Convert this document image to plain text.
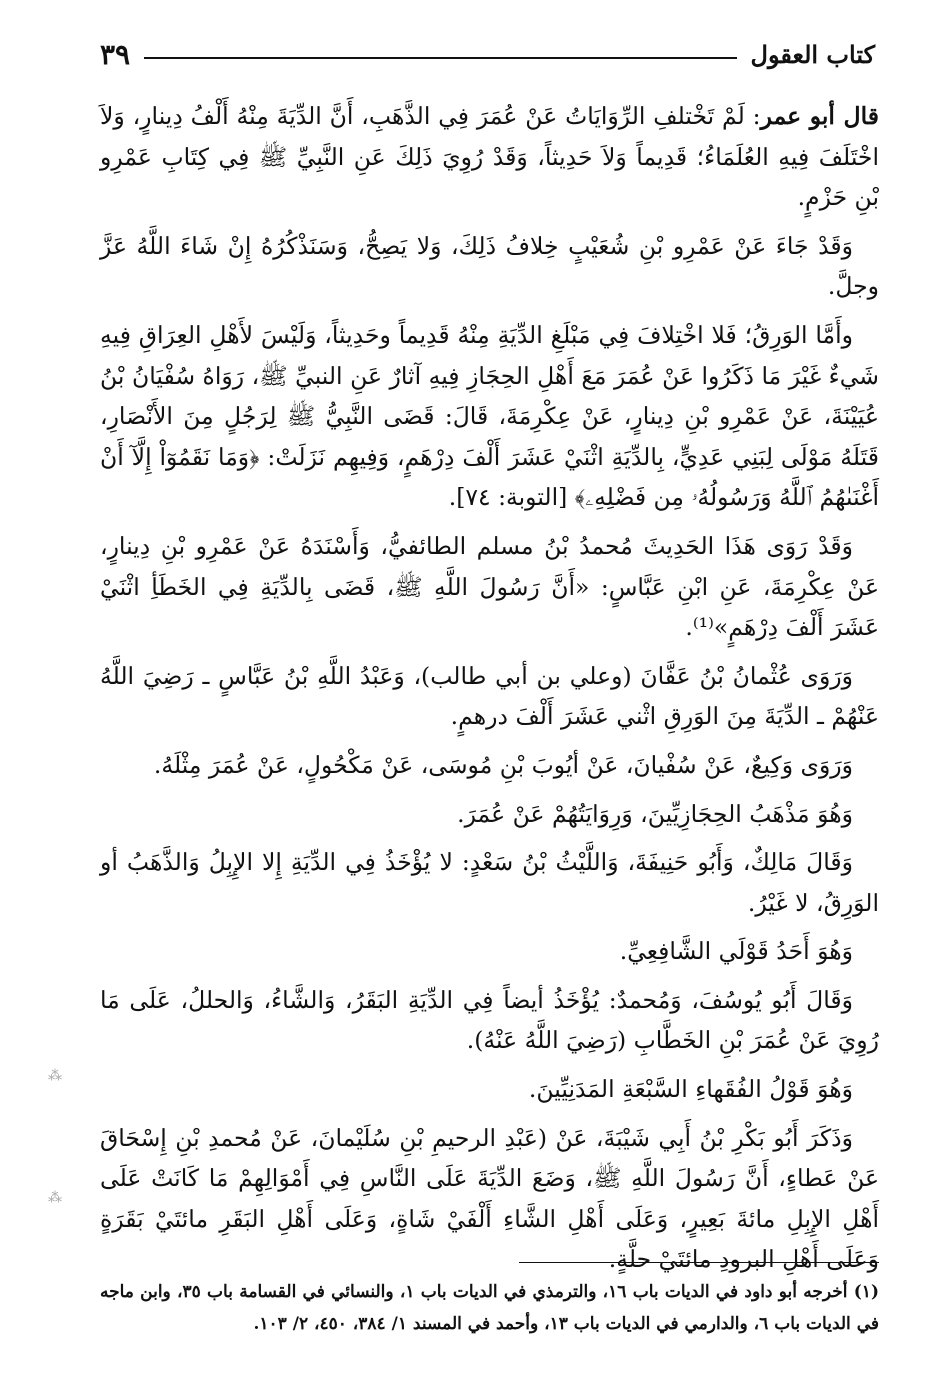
كتاب العقول
٣٩

قال أبو عمر: لَمْ تَخْتلفِ الرِّوَايَاتُ عَنْ عُمَرَ فِي الذَّهَبِ، أَنَّ الدِّيَةَ مِنْهُ أَلْفُ دِينارٍ، وَلاَ اخْتَلَفَ فِيهِ العُلَمَاءُ؛ قَدِيماً وَلاَ حَدِيثاً، وَقَدْ رُوِيَ ذَلِكَ عَنِ النَّبِيِّ ﷺ فِي كِتَابِ عَمْرِو بْنِ حَزْمٍ.

وَقَدْ جَاءَ عَنْ عَمْرِو بْنِ شُعَيْبٍ خِلافُ ذَلِكَ، وَلا يَصِحُّ، وَسَنَذْكُرُهُ إِنْ شَاءَ اللَّهُ عَزَّ وجلَّ.

وأَمَّا الوَرِقُ؛ فَلا اخْتِلافَ فِي مَبْلَغِ الدِّيَةِ مِنْهُ قَدِيماً وحَدِيثاً، وَلَيْسَ لأَهْلِ العِرَاقِ فِيهِ شَيءٌ غَيْرَ مَا ذَكَرُوا عَنْ عُمَرَ مَعَ أَهْلِ الحِجَازِ فِيهِ آثارٌ عَنِ النبيِّ ﷺ، رَوَاهُ سُفْيَانُ بْنُ عُيَيْنَةَ، عَنْ عَمْرِو بْنِ دِينارٍ، عَنْ عِكْرِمَةَ، قَالَ: قَضَى النَّبِيُّ ﷺ لِرَجُلٍ مِنَ الأَنْصَارِ، قَتَلَهُ مَوْلَى لِبَنِي عَدِيٍّ، بِالدِّيَةِ اثْنَيْ عَشَرَ أَلْفَ دِرْهَمٍ، وَفِيهِم نَزَلَتْ: ﴿وَمَا نَقَمُوٓاْ إِلَّآ أَنْ أَغْنَىٰهُمُ ٱللَّهُ وَرَسُولُهُۥ مِن فَضْلِهِۦ﴾ [التوبة: ٧٤].

وَقَدْ رَوَى هَذَا الحَدِيثَ مُحمدُ بْنُ مسلم الطائفيُّ، وَأَسْنَدَهُ عَنْ عَمْرِو بْنِ دِينارٍ، عَنْ عِكْرِمَةَ، عَنِ ابْنِ عَبَّاسٍ: «أَنَّ رَسُولَ اللَّهِ ﷺ، قَضَى بِالدِّيَةِ فِي الخَطَأِ اثْنَيْ عَشَرَ أَلْفَ دِرْهَمٍ»⁽¹⁾.

وَرَوَى عُثْمانُ بْنُ عَفَّانَ (وعلي بن أبي طالب)، وَعَبْدُ اللَّهِ بْنُ عَبَّاسٍ ـ رَضِيَ اللَّهُ عَنْهُمْ ـ الدِّيَةَ مِنَ الوَرِقِ اثْني عَشَرَ أَلْفَ درهمٍ.

وَرَوَى وَكِيعٌ، عَنْ سُفْيانَ، عَنْ أيُوبَ بْنِ مُوسَى، عَنْ مَكْحُولٍ، عَنْ عُمَرَ مِثْلَهُ.

وَهُوَ مَذْهَبُ الحِجَازِيِّينَ، وَرِوَايَتُهُمْ عَنْ عُمَرَ.

وَقَالَ مَالِكٌ، وَأَبُو حَنِيفَةَ، وَاللَّيْثُ بْنُ سَعْدٍ: لا يُؤْخَذُ فِي الدِّيَةِ إِلا الإِبِلُ وَالذَّهَبُ أو الوَرِقُ، لا غَيْرُ.

وَهُوَ أَحَدُ قَوْلَي الشَّافِعِيِّ.

وَقَالَ أَبُو يُوسُفَ، وَمُحمدٌ: يُؤْخَذُ أيضاً فِي الدِّيَةِ البَقَرُ، وَالشَّاءُ، وَالحللُ، عَلَى مَا رُوِيَ عَنْ عُمَرَ بْنِ الخَطَّابِ (رَضِيَ اللَّهُ عَنْهُ).

وَهُوَ قَوْلُ الفُقَهاءِ السَّبْعَةِ المَدَنِيِّينَ.

وَذَكَرَ أَبُو بَكْرِ بْنُ أَبِي شَيْبَةَ، عَنْ (عَبْدِ الرحيمِ بْنِ سُلَيْمانَ، عَنْ مُحمدِ بْنِ إِسْحَاقَ عَنْ عَطاءٍ، أَنَّ رَسُولَ اللَّهِ ﷺ، وَضَعَ الدِّيَةَ عَلَى النَّاسِ فِي أَمْوَالِهِمْ مَا كَانَتْ عَلَى أَهْلِ الإِبِلِ مائةَ بَعِيرٍ، وَعَلَى أَهْلِ الشَّاءِ أَلْفَيْ شَاةٍ، وَعَلَى أَهْلِ البَقَرِ مائتَيْ بَقَرَةٍ وَعَلَى أَهْلِ البرودِ مائتَيْ حلَّةٍ.

(١) أخرجه أبو داود في الديات باب ١٦، والترمذي في الديات باب ١، والنسائي في القسامة باب ٣٥، وابن ماجه في الديات باب ٦، والدارمي في الديات باب ١٣، وأحمد في المسند ١/ ٣٨٤، ٤٥٠، ٢/ ١٠٣.
⁂
⁂
